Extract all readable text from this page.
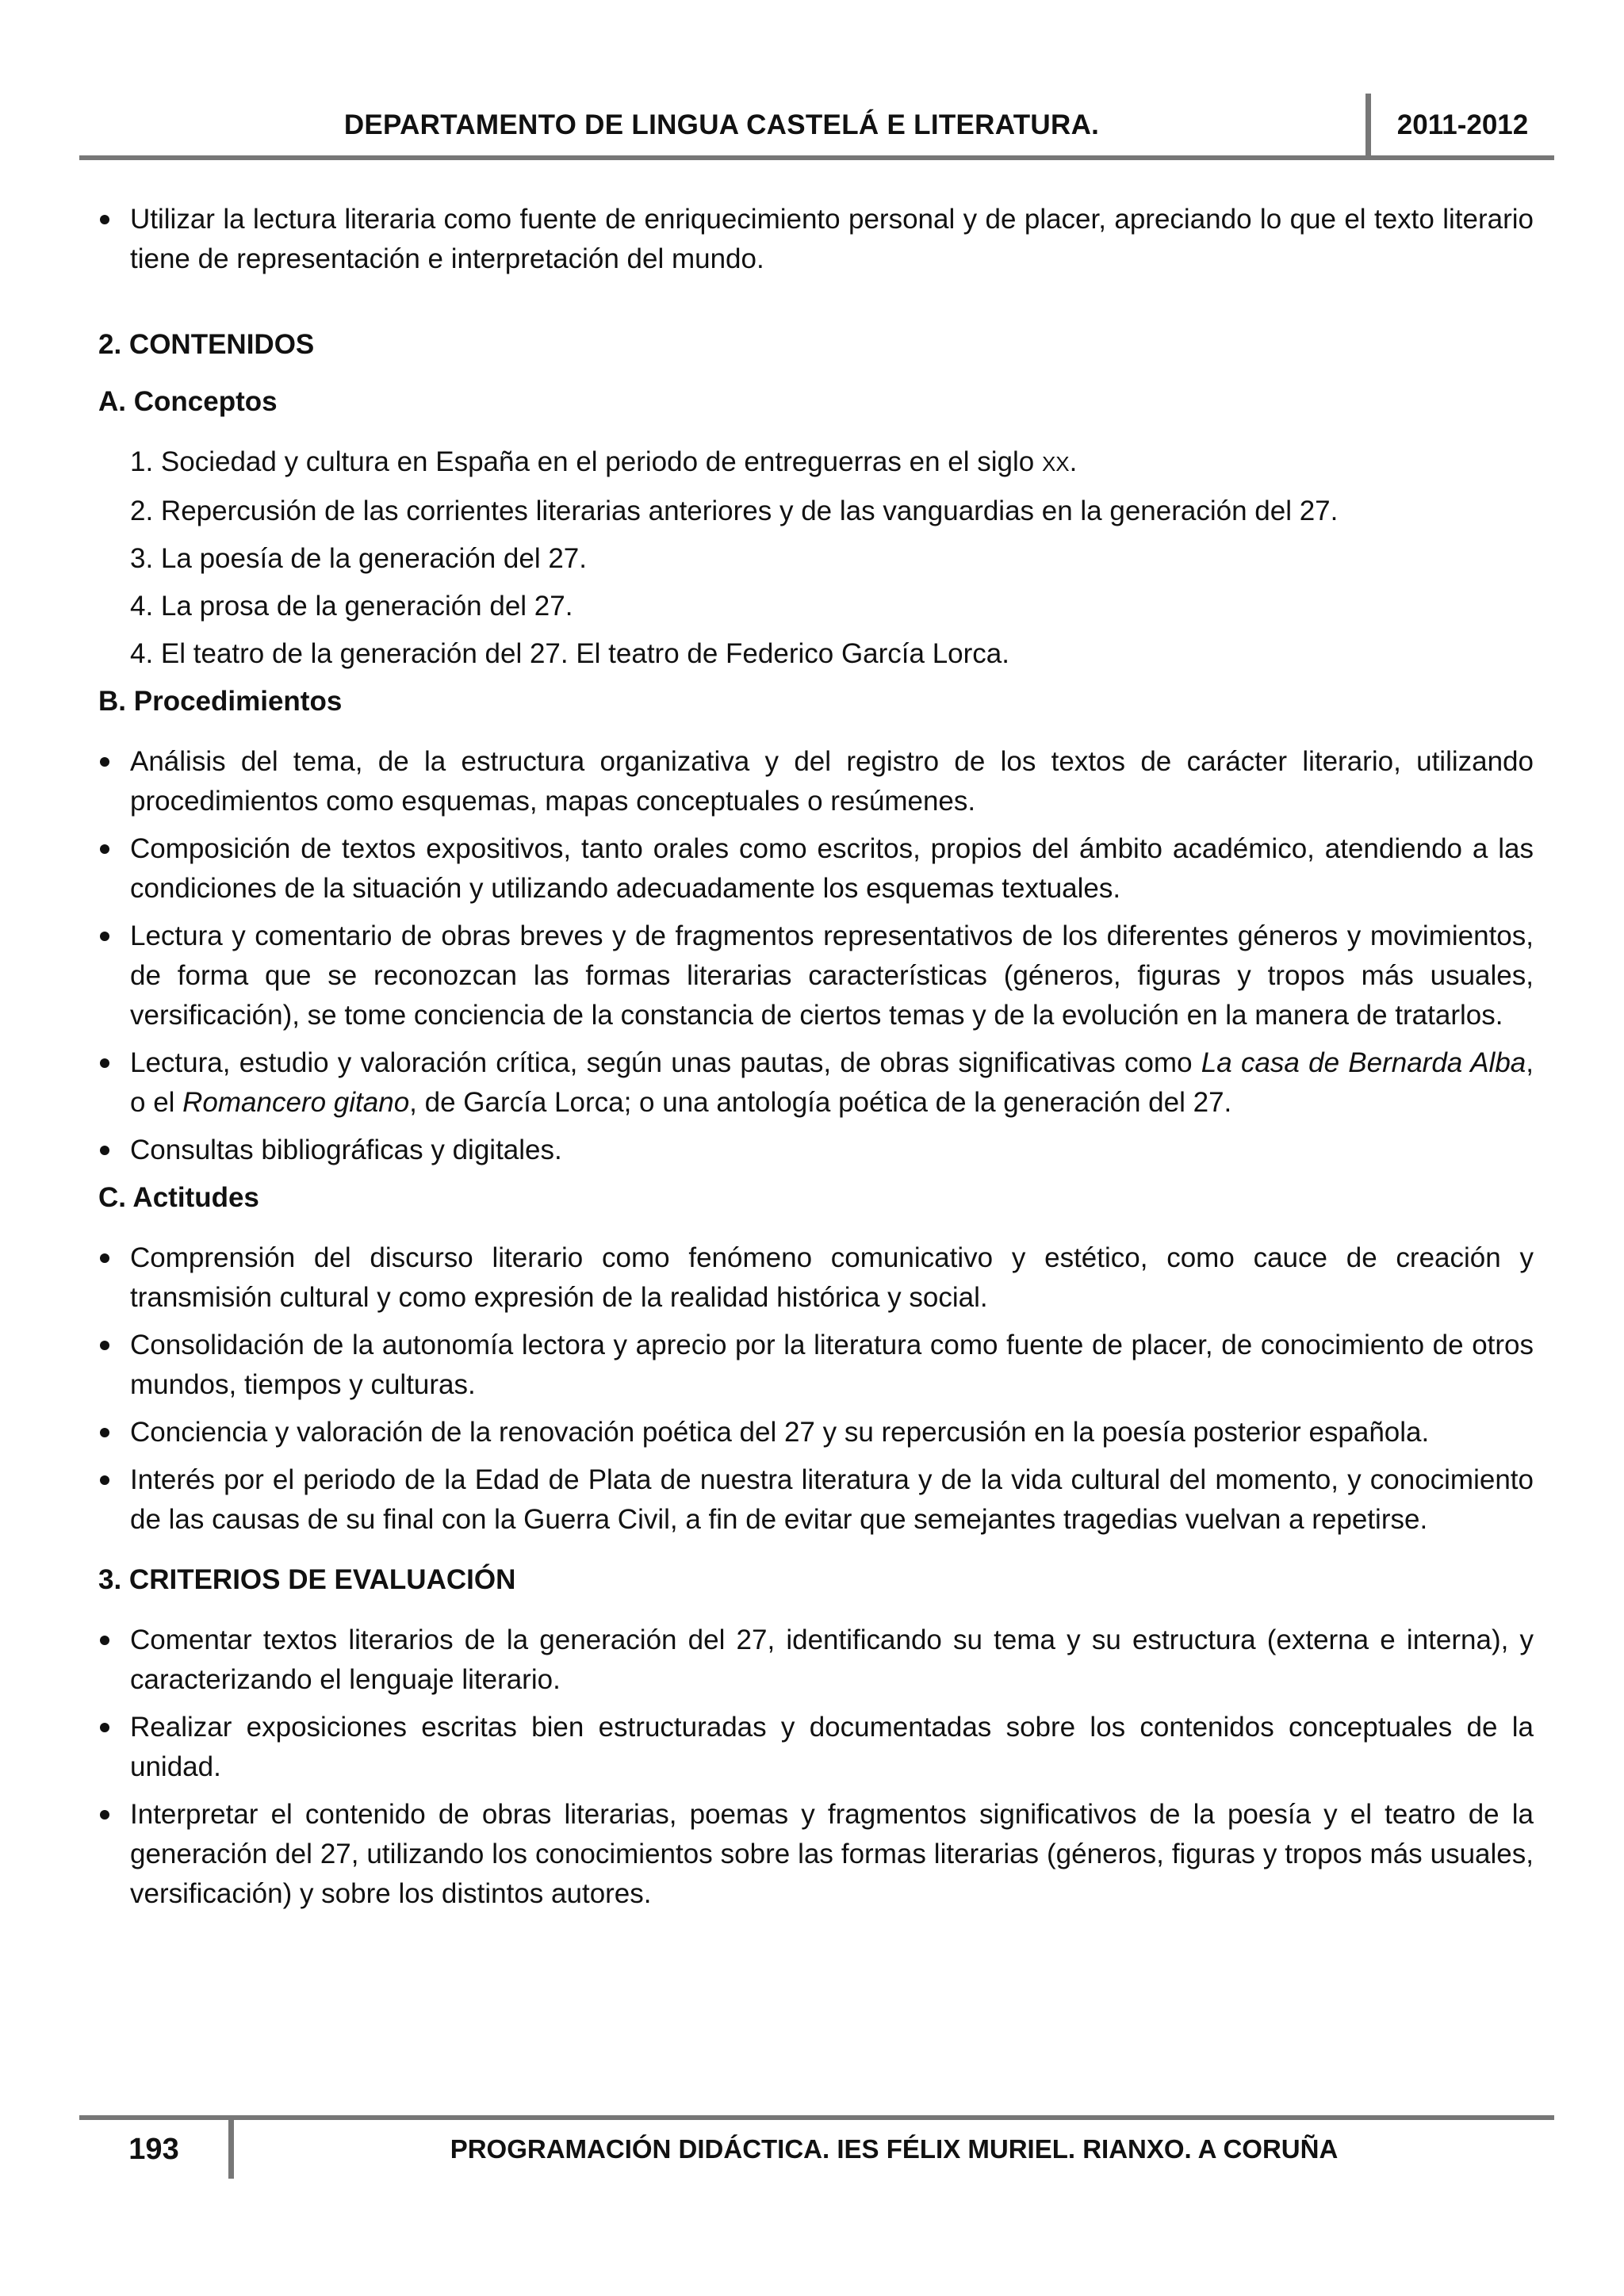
DEPARTAMENTO DE LINGUA CASTELÁ E LITERATURA.	2011-2012
Utilizar la lectura literaria como fuente de enriquecimiento personal y de placer, apreciando lo que el texto literario tiene de representación e interpretación del mundo.
2. CONTENIDOS
A. Conceptos
1. Sociedad y cultura en España en el periodo de entreguerras en el siglo XX.
2. Repercusión de las corrientes literarias anteriores y de las vanguardias en la generación del 27.
3. La poesía de la generación del 27.
4. La prosa de la generación del 27.
4. El teatro de la generación del 27. El teatro de Federico García Lorca.
B. Procedimientos
Análisis del tema, de la estructura organizativa y del registro de los textos de carácter literario, utilizando procedimientos como esquemas, mapas conceptuales o resúmenes.
Composición de textos expositivos, tanto orales como escritos, propios del ámbito académico, atendiendo a las condiciones de la situación y utilizando adecuadamente los esquemas textuales.
Lectura y comentario de obras breves y de fragmentos representativos de los diferentes géneros y movimientos, de forma que se reconozcan las formas literarias características (géneros, figuras y tropos más usuales, versificación), se tome conciencia de la constancia de ciertos temas y de la evolución en la manera de tratarlos.
Lectura, estudio y valoración crítica, según unas pautas, de obras significativas como La casa de Bernarda Alba, o el Romancero gitano, de García Lorca; o una antología poética de la generación del 27.
Consultas bibliográficas y digitales.
C. Actitudes
Comprensión del discurso literario como fenómeno comunicativo y estético, como cauce de creación y transmisión cultural y como expresión de la realidad histórica y social.
Consolidación de la autonomía lectora y aprecio por la literatura como fuente de placer, de conocimiento de otros mundos, tiempos y culturas.
Conciencia y valoración de la renovación poética del 27 y su repercusión en la poesía posterior española.
Interés por el periodo de la Edad de Plata de nuestra literatura y de la vida cultural del momento, y conocimiento de las causas de su final con la Guerra Civil, a fin de evitar que semejantes tragedias vuelvan a repetirse.
3. CRITERIOS DE EVALUACIÓN
Comentar textos literarios de la generación del 27, identificando su tema y su estructura (externa e interna), y caracterizando el lenguaje literario.
Realizar exposiciones escritas bien estructuradas y documentadas sobre los contenidos conceptuales de la unidad.
Interpretar el contenido de obras literarias, poemas y fragmentos significativos de la poesía y el teatro de la generación del 27, utilizando los conocimientos sobre las formas literarias (géneros, figuras y tropos más usuales, versificación) y sobre los distintos autores.
193	PROGRAMACIÓN DIDÁCTICA. IES FÉLIX MURIEL. RIANXO. A CORUÑA
